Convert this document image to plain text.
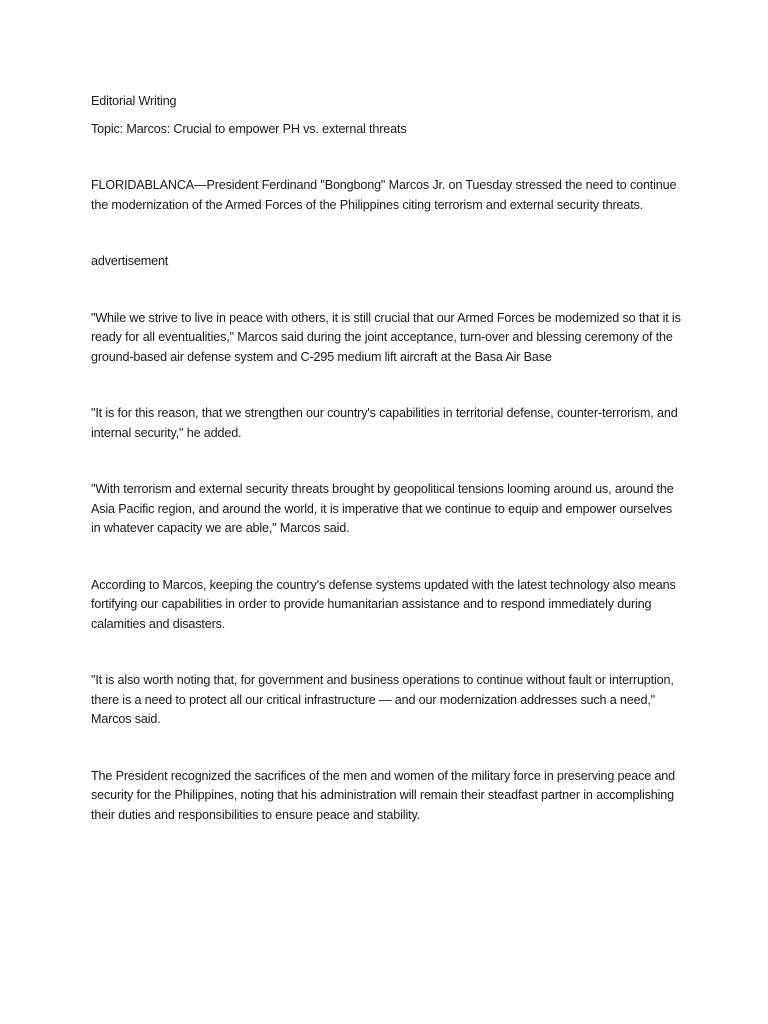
Editorial Writing

Topic: Marcos: Crucial to empower PH vs. external threats

FLORIDABLANCA—President Ferdinand "Bongbong" Marcos Jr. on Tuesday stressed the need to continue the modernization of the Armed Forces of the Philippines citing terrorism and external security threats.

advertisement

"While we strive to live in peace with others, it is still crucial that our Armed Forces be modernized so that it is ready for all eventualities," Marcos said during the joint acceptance, turn-over and blessing ceremony of the ground-based air defense system and C-295 medium lift aircraft at the Basa Air Base

"It is for this reason, that we strengthen our country's capabilities in territorial defense, counter-terrorism, and internal security," he added.

"With terrorism and external security threats brought by geopolitical tensions looming around us, around the Asia Pacific region, and around the world, it is imperative that we continue to equip and empower ourselves in whatever capacity we are able," Marcos said.

According to Marcos, keeping the country's defense systems updated with the latest technology also means fortifying our capabilities in order to provide humanitarian assistance and to respond immediately during calamities and disasters.

"It is also worth noting that, for government and business operations to continue without fault or interruption, there is a need to protect all our critical infrastructure — and our modernization addresses such a need," Marcos said.

The President recognized the sacrifices of the men and women of the military force in preserving peace and security for the Philippines, noting that his administration will remain their steadfast partner in accomplishing their duties and responsibilities to ensure peace and stability.
